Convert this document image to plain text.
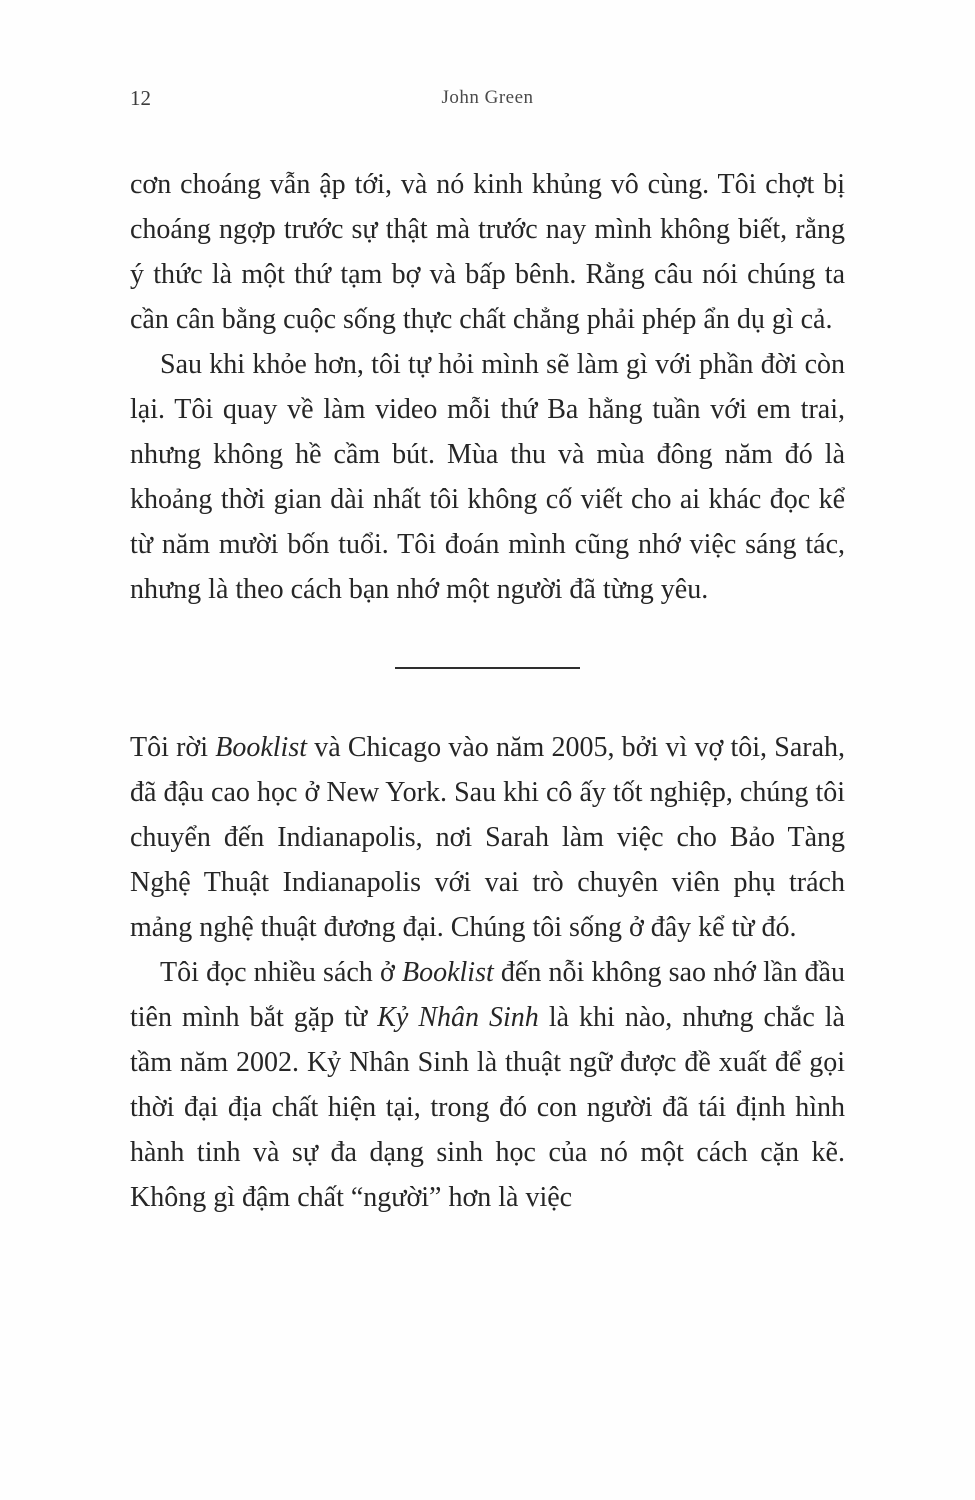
12	John Green

cơn choáng vẫn ập tới, và nó kinh khủng vô cùng. Tôi chợt bị choáng ngợp trước sự thật mà trước nay mình không biết, rằng ý thức là một thứ tạm bợ và bấp bênh. Rằng câu nói chúng ta cần cân bằng cuộc sống thực chất chẳng phải phép ẩn dụ gì cả.

Sau khi khỏe hơn, tôi tự hỏi mình sẽ làm gì với phần đời còn lại. Tôi quay về làm video mỗi thứ Ba hằng tuần với em trai, nhưng không hề cầm bút. Mùa thu và mùa đông năm đó là khoảng thời gian dài nhất tôi không cố viết cho ai khác đọc kể từ năm mười bốn tuổi. Tôi đoán mình cũng nhớ việc sáng tác, nhưng là theo cách bạn nhớ một người đã từng yêu.

Tôi rời Booklist và Chicago vào năm 2005, bởi vì vợ tôi, Sarah, đã đậu cao học ở New York. Sau khi cô ấy tốt nghiệp, chúng tôi chuyển đến Indianapolis, nơi Sarah làm việc cho Bảo Tàng Nghệ Thuật Indianapolis với vai trò chuyên viên phụ trách mảng nghệ thuật đương đại. Chúng tôi sống ở đây kể từ đó.

Tôi đọc nhiều sách ở Booklist đến nỗi không sao nhớ lần đầu tiên mình bắt gặp từ Kỷ Nhân Sinh là khi nào, nhưng chắc là tầm năm 2002. Kỷ Nhân Sinh là thuật ngữ được đề xuất để gọi thời đại địa chất hiện tại, trong đó con người đã tái định hình hành tinh và sự đa dạng sinh học của nó một cách cặn kẽ. Không gì đậm chất “người” hơn là việc
